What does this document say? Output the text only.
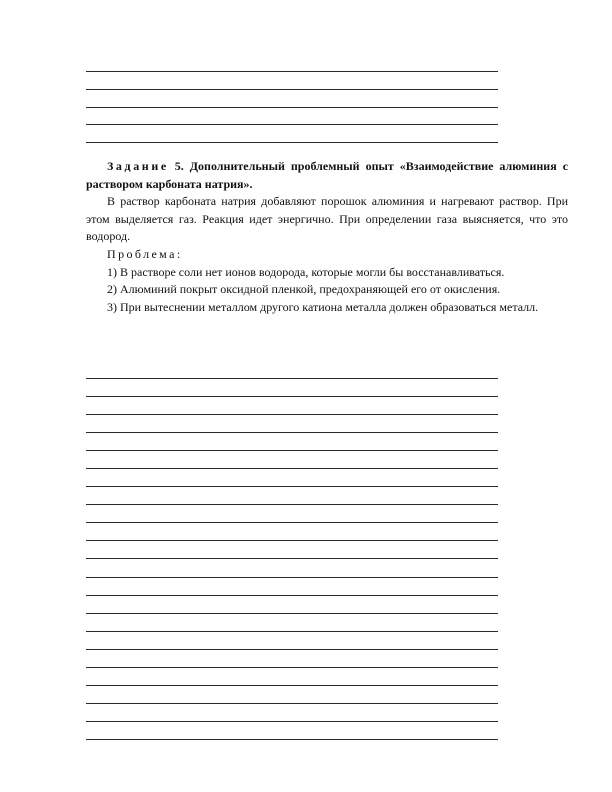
Задание 5. Дополнительный проблемный опыт «Взаимодействие алюминия с раствором карбоната натрия».

В раствор карбоната натрия добавляют порошок алюминия и нагревают раствор. При этом выделяется газ. Реакция идет энергично. При определении газа выясняется, что это водород.

Проблема:

1) В растворе соли нет ионов водорода, которые могли бы восстанавливаться.

2) Алюминий покрыт оксидной пленкой, предохраняющей его от окисления.

3) При вытеснении металлом другого катиона металла должен образоваться металл.
